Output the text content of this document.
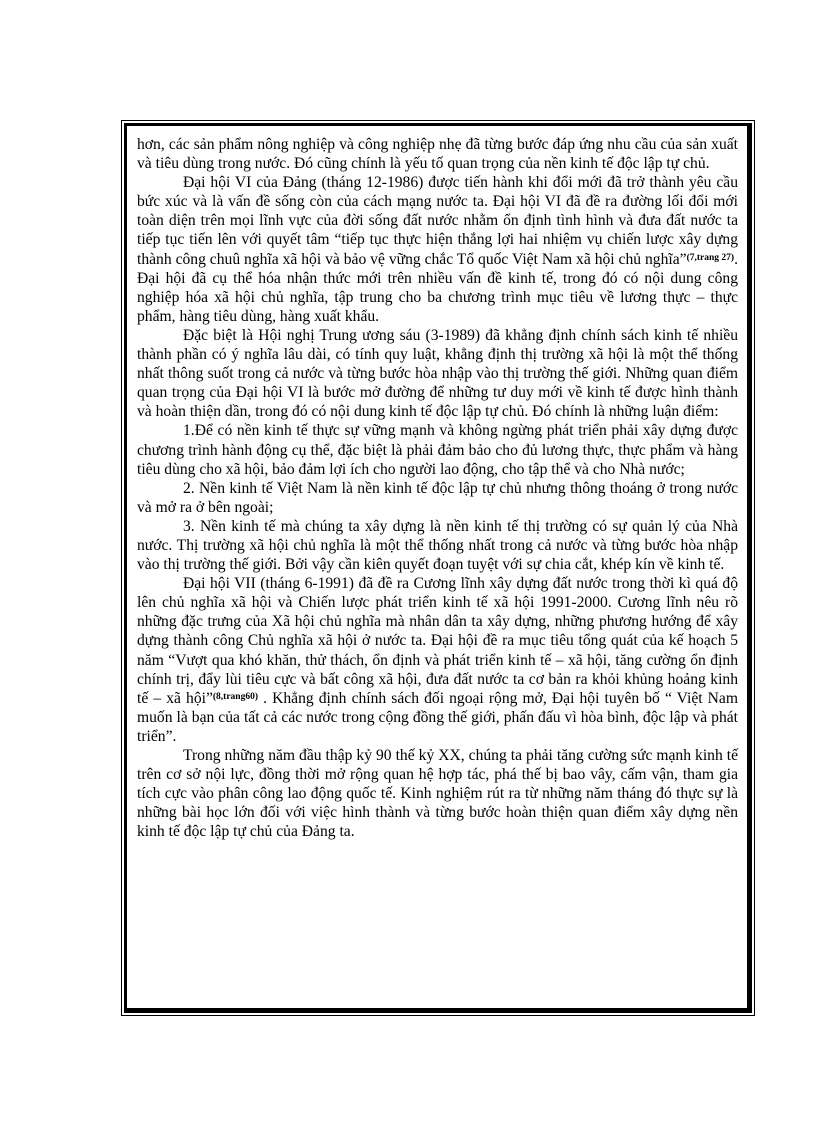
hơn, các sản phẩm nông nghiệp và công nghiệp nhẹ đã từng bước đáp ứng nhu cầu của sản xuất và tiêu dùng trong nước. Đó cũng chính là yếu tố quan trọng của nền kinh tế độc lập tự chủ.

Đại hội VI của Đảng (tháng 12-1986) được tiến hành khi đổi mới đã trở thành yêu cầu bức xúc và là vấn đề sống còn của cách mạng nước ta. Đại hội VI đã đề ra đường lối đổi mới toàn diện trên mọi lĩnh vực của đời sống đất nước nhằm ổn định tình hình và đưa đất nước ta tiếp tục tiến lên với quyết tâm “tiếp tục thực hiện thắng lợi hai nhiệm vụ chiến lược xây dựng thành công chuû nghĩa xã hội và bảo vệ vững chắc Tổ quốc Việt Nam xã hội chủ nghĩa”$^{(7,trang 27)}$. Đại hội đã cụ thể hóa nhận thức mới trên nhiều vấn đề kinh tế, trong đó có nội dung công nghiệp hóa xã hội chủ nghĩa, tập trung cho ba chương trình mục tiêu về lương thực – thực phẩm, hàng tiêu dùng, hàng xuất khẩu.

Đặc biệt là Hội nghị Trung ương sáu (3-1989) đã khẳng định chính sách kinh tế nhiều thành phần có ý nghĩa lâu dài, có tính quy luật, khẳng định thị trường xã hội là một thể thống nhất thông suốt trong cả nước và từng bước hòa nhập vào thị trường thế giới. Những quan điểm quan trọng của Đại hội VI là bước mở đường để những tư duy mới về kinh tế được hình thành và hoàn thiện dần, trong đó có nội dung kinh tế độc lập tự chủ. Đó chính là những luận điểm:

1.Để có nền kinh tế thực sự vững mạnh và không ngừng phát triển phải xây dựng được chương trình hành động cụ thể, đặc biệt là phải đảm bảo cho đủ lương thực, thực phẩm và hàng tiêu dùng cho xã hội, bảo đảm lợi ích cho người lao động, cho tập thể và cho Nhà nước;

2. Nền kinh tế Việt Nam là nền kinh tế độc lập tự chủ nhưng thông thoáng ở trong nước và mở ra ở bên ngoài;

3. Nền kinh tế mà chúng ta xây dựng là nền kinh tế thị trường có sự quản lý của Nhà nước. Thị trường xã hội chủ nghĩa là một thể thống nhất trong cả nước và từng bước hòa nhập vào thị trường thế giới. Bởi vậy cần kiên quyết đoạn tuyệt với sự chia cắt, khép kín về kinh tế.

Đại hội VII (tháng 6-1991) đã đề ra Cương lĩnh xây dựng đất nước trong thời kì quá độ lên chủ nghĩa xã hội và Chiến lược phát triển kinh tế xã hội 1991-2000. Cương lĩnh nêu rõ những đặc trưng của Xã hội chủ nghĩa mà nhân dân ta xây dựng, những phương hướng để xây dựng thành công Chủ nghĩa xã hội ở nước ta. Đại hội đề ra mục tiêu tổng quát của kế hoạch 5 năm “Vượt qua khó khăn, thử thách, ổn định và phát triển kinh tế – xã hội, tăng cường ổn định chính trị, đẩy lùi tiêu cực và bất công xã hội, đưa đất nước ta cơ bản ra khỏi khủng hoảng kinh tế – xã hội”$^{(8,trang60)}$ . Khẳng định chính sách đối ngoại rộng mở, Đại hội tuyên bố “ Việt Nam muốn là bạn của tất cả các nước trong cộng đồng thế giới, phấn đấu vì hòa bình, độc lập và phát triển”.

Trong những năm đầu thập kỷ 90 thế kỷ XX, chúng ta phải tăng cường sức mạnh kinh tế trên cơ sở nội lực, đồng thời mở rộng quan hệ hợp tác, phá thế bị bao vây, cấm vận, tham gia tích cực vào phân công lao động quốc tế. Kinh nghiệm rút ra từ những năm tháng đó thực sự là những bài học lớn đối với việc hình thành và từng bước hoàn thiện quan điểm xây dựng nền kinh tế độc lập tự chủ của Đảng ta.
